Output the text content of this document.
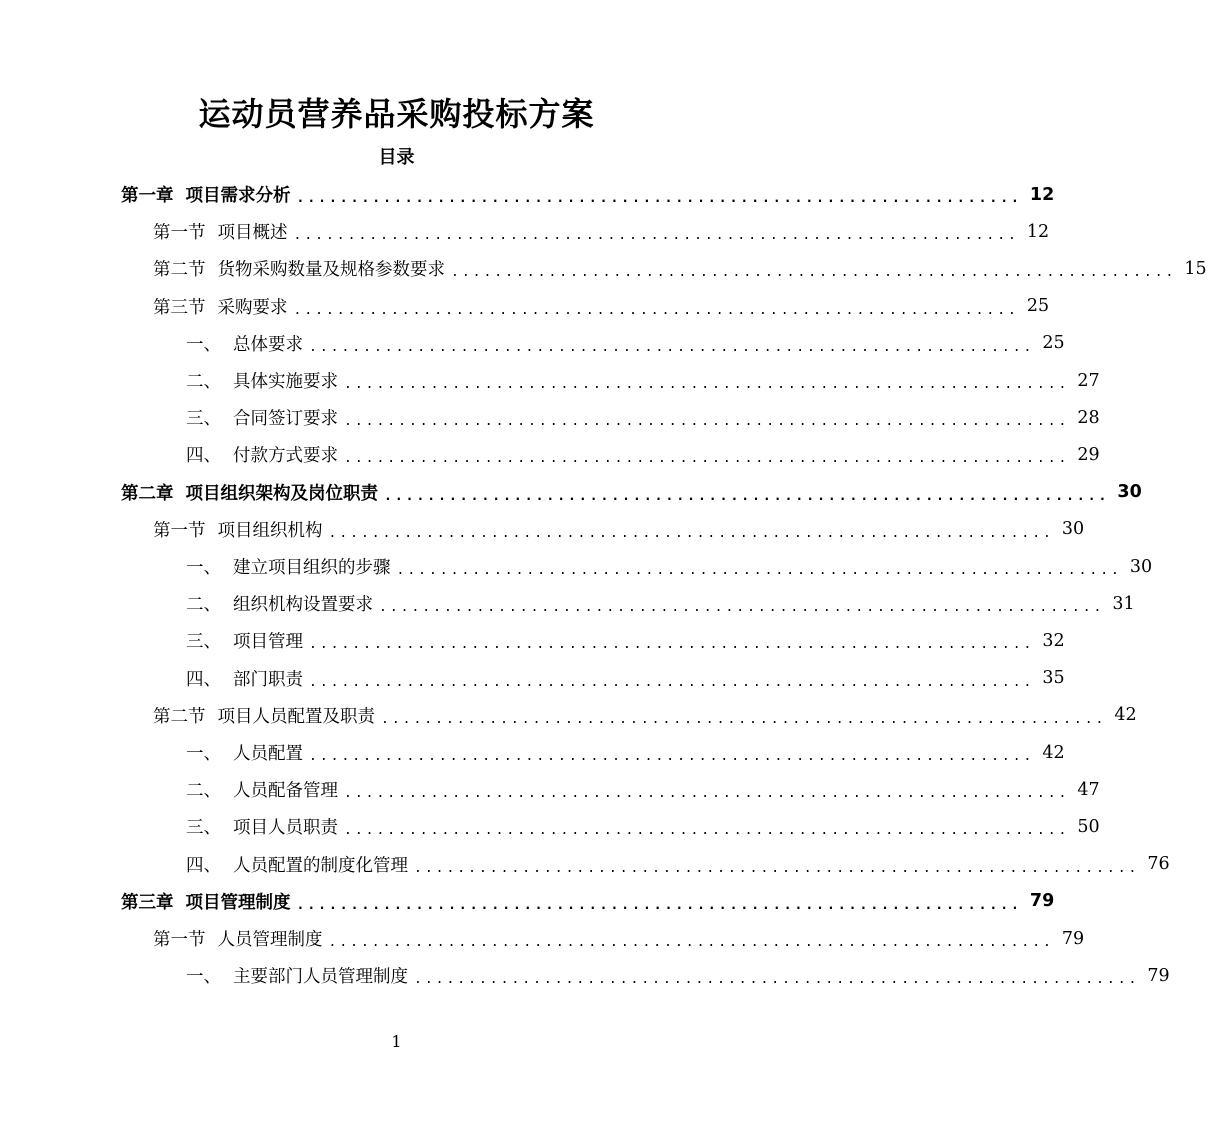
运动员营养品采购投标方案
目录
第一章 项目需求分析 ................................................................... 12
第一节 项目概述 ................................................................... 12
第二节 货物采购数量及规格参数要求 ................................................................... 15
第三节 采购要求 ................................................................... 25
一、 总体要求 ................................................................... 25
二、 具体实施要求 ................................................................... 27
三、 合同签订要求 ................................................................... 28
四、 付款方式要求 ................................................................... 29
第二章 项目组织架构及岗位职责 ................................................................... 30
第一节 项目组织机构 ................................................................... 30
一、 建立项目组织的步骤 ................................................................... 30
二、 组织机构设置要求 ................................................................... 31
三、 项目管理 ................................................................... 32
四、 部门职责 ................................................................... 35
第二节 项目人员配置及职责 ................................................................... 42
一、 人员配置 ................................................................... 42
二、 人员配备管理 ................................................................... 47
三、 项目人员职责 ................................................................... 50
四、 人员配置的制度化管理 ................................................................... 76
第三章 项目管理制度 ................................................................... 79
第一节 人员管理制度 ................................................................... 79
一、 主要部门人员管理制度 ................................................................... 79
1
